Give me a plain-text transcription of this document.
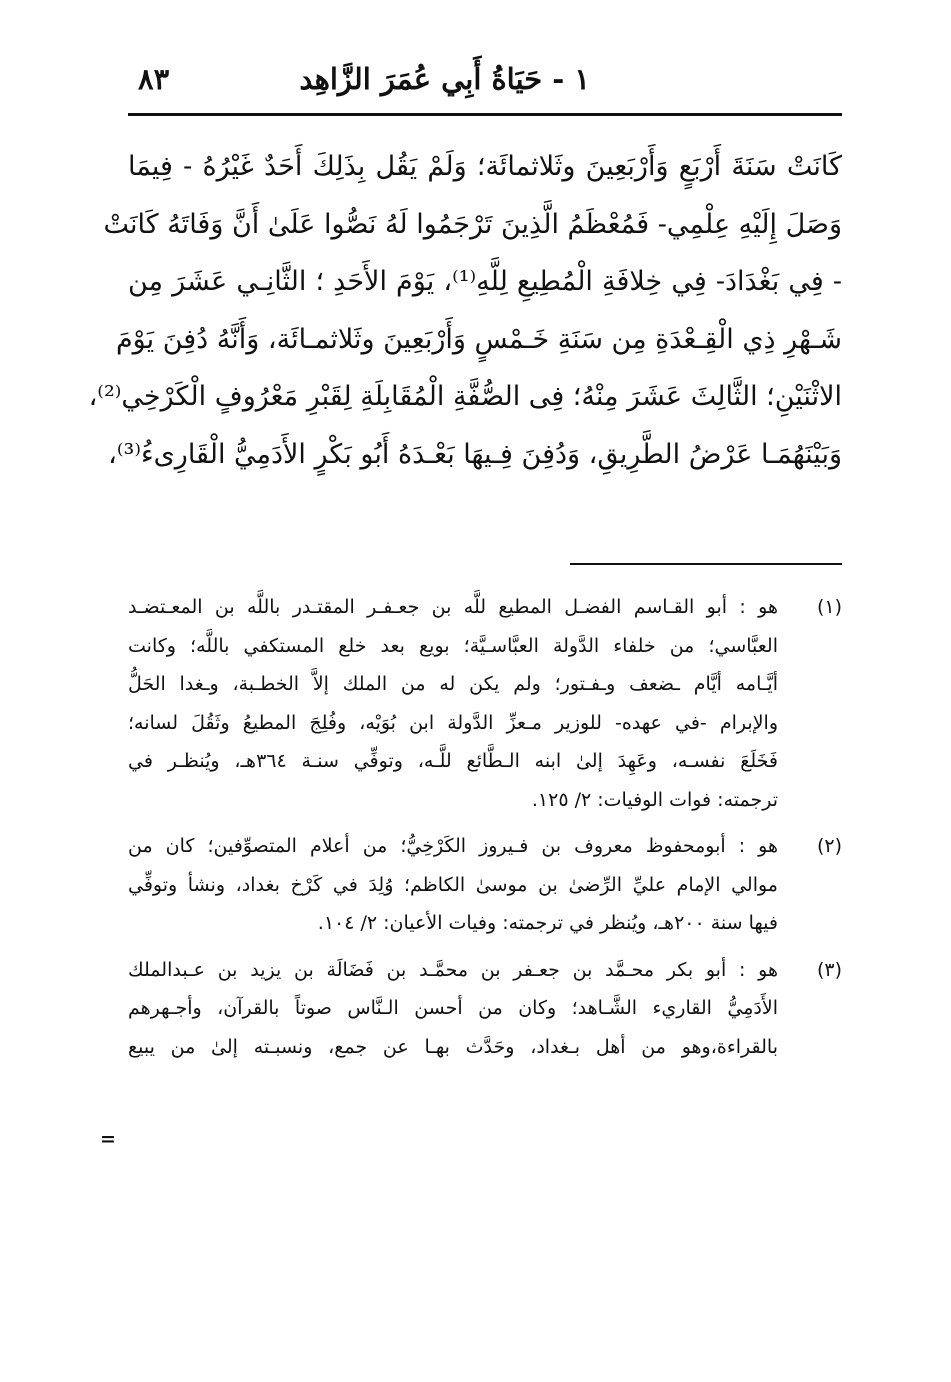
١ - حَيَاةُ أَبِي عُمَرَ الزَّاهِد
٨٣
كَانَتْ سَنَةَ أَرْبَعٍ وَأَرْبَعِينَ وثَلاثمائَة؛ وَلَمْ يَقُل بِذَلِكَ أَحَدٌ غَيْرُهُ - فِيمَا
وَصَلَ إِلَيْهِ عِلْمِي- فَمُعْظَمُ الَّذِينَ تَرْجَمُوا لَهُ نَصُّوا عَلَىٰ أَنَّ وَفَاتَهُ كَانَتْ
- فِي بَغْدَادَ- فِي خِلافَةِ الْمُطِيعِ لِلَّهِ⁽¹⁾، يَوْمَ الأَحَدِ ؛ الثَّانِـي عَشَرَ مِن
شَـهْرِ ذِي الْقِـعْدَةِ مِن سَنَةِ خَـمْسٍ وَأَرْبَعِينَ وثَلاثمـائَة، وَأَنَّهُ دُفِنَ يَوْمَ
الاثْنَيْنِ؛ الثَّالِثَ عَشَرَ مِنْهُ؛ فِى الصُّفَّةِ الْمُقَابِلَةِ لِقَبْرِ مَعْرُوفٍ الْكَرْخِي⁽²⁾،
وَبَيْنَهُمَـا عَرْضُ الطَّرِيقِ، وَدُفِنَ فِـيهَا بَعْـدَهُ أَبُو بَكْرٍ الأَدَمِيُّ الْقَارِىءُ⁽³⁾،
(١)
هو : أبو القـاسم الفضـل المطيع للَّه بن جعـفـر المقتـدر باللَّه بن المعـتضـد
العبَّاسي؛ من خلفاء الدَّولة العبَّاسـيَّة؛ بويع بعد خلع المستكفي باللَّه؛ وكانت
أيَّـامه أيَّام ـضعف وـفـتور؛ ولم يكن له من الملك إلاَّ الخطـبة، وـغدا الحَلُّ
والإبرام -في عهده- للوزير مـعزِّ الدَّولة ابن بُوَيْه، وفُلِجَ المطيعُ وثَقُلَ لسانه؛
فَخَلَعَ نفسـه، وعَهِدَ إلىٰ ابنه الـطَّائع للَّـه، وتوفِّي سنـة ٣٦٤هـ، ويُنظـر في
ترجمته: فوات الوفيات: ٢/ ١٢٥.
(٢)
هو : أبومحفوظ معروف بن فـيروز الكَرْخِيُّ؛ من أعلام المتصوِّفين؛ كان من
موالي الإمام عليِّ الرِّضىٰ بن موسىٰ الكاظم؛ وُلِدَ في كَرْخ بغداد، ونشأ وتوفِّي
فيها سنة ٢٠٠هـ، ويُنظر في ترجمته: وفيات الأعيان: ٢/ ١٠٤.
(٣)
هو : أبو بكر محـمَّد بن جعـفر بن محمَّـد بن فَضَالَة بن يزيد بن عـبدالملك
الأَدَمِيُّ القاريء الشَّـاهد؛ وكان من أحسن الـنَّاس صوتاً بالقرآن، وأجـهرهم
بالقراءة،وهو من أهل بـغداد، وحَدَّث بهـا عن جمع، ونسبـته إلىٰ من يبيع
=
